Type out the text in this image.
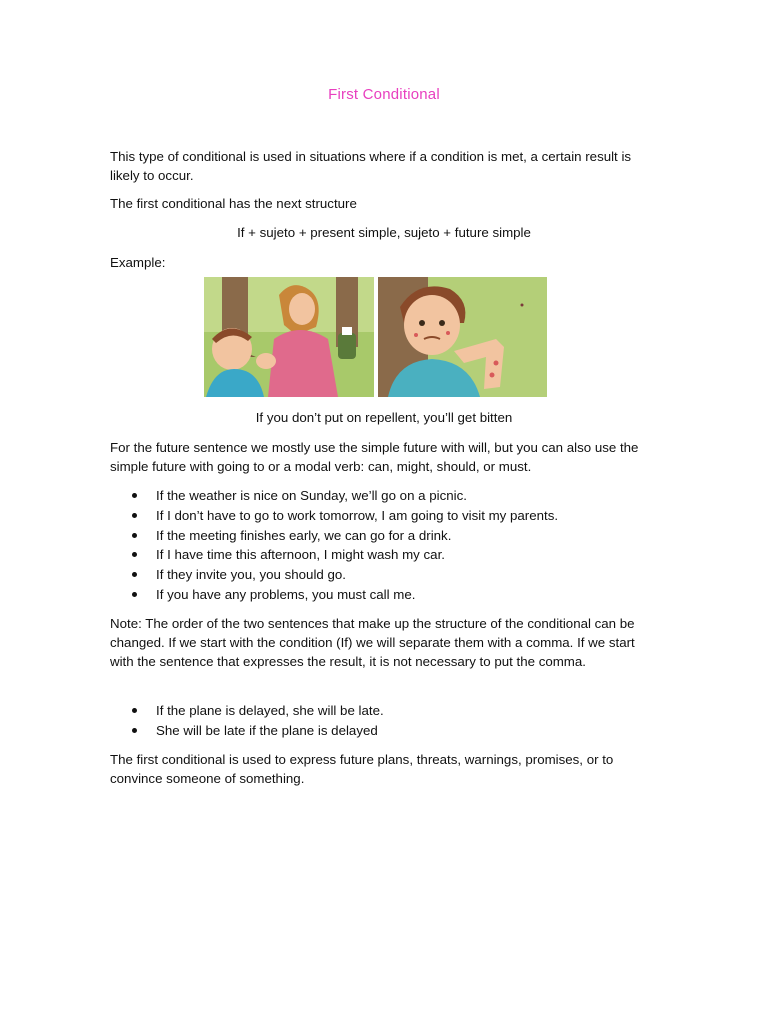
First Conditional

This type of conditional is used in situations where if a condition is met, a certain result is likely to occur.

The first conditional has the next structure

If + sujeto + present simple, sujeto + future simple

Example:

If you don’t put on repellent, you’ll get bitten

For the future sentence we mostly use the simple future with will, but you can also use the simple future with going to or a modal verb: can, might, should, or must.

If the weather is nice on Sunday, we’ll go on a picnic.
If I don’t have to go to work tomorrow, I am going to visit my parents.
If the meeting finishes early, we can go for a drink.
If I have time this afternoon, I might wash my car.
If they invite you, you should go.
If you have any problems, you must call me.

Note: The order of the two sentences that make up the structure of the conditional can be changed. If we start with the condition (If) we will separate them with a comma. If we start with the sentence that expresses the result, it is not necessary to put the comma.

If the plane is delayed, she will be late.
She will be late if the plane is delayed

The first conditional is used to express future plans, threats, warnings, promises, or to convince someone of something.
